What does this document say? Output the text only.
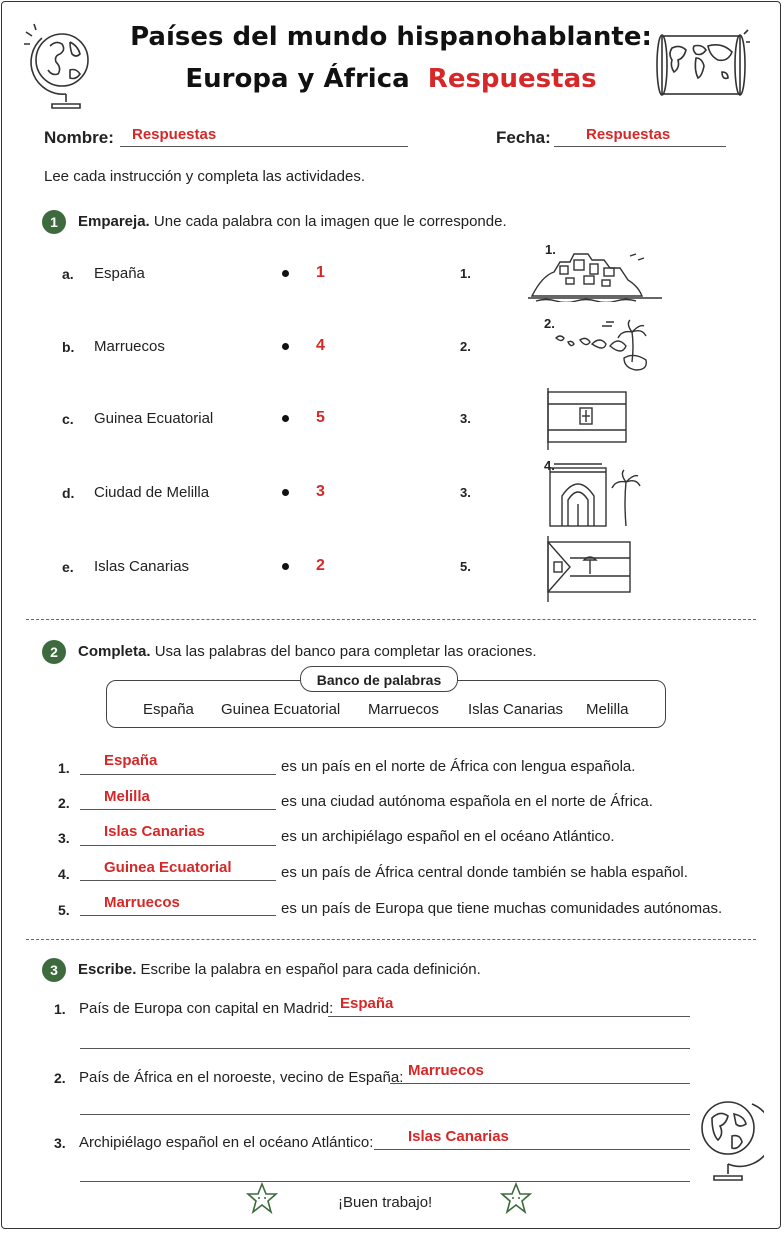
Países del mundo hispanohablante:
Europa y África Respuestas
Nombre: Respuestas	Fecha: Respuestas
Lee cada instrucción y completa las actividades.
1	Empareja. Une cada palabra con la imagen que le corresponde.
a. España	1	1.
b. Marruecos	4	2.
c. Guinea Ecuatorial	5	3.
d. Ciudad de Melilla	3	3.
e. Islas Canarias	2	5.
1.
2.
4.
2	Completa. Usa las palabras del banco para completar las oraciones.
Banco de palabras
España Guinea Ecuatorial Marruecos Islas Canarias Melilla
1. España	es un país en el norte de África con lengua española.
2. Melilla	es una ciudad autónoma española en el norte de África.
3. Islas Canarias	es un archipiélago español en el océano Atlántico.
4. Guinea Ecuatorial	es un país de África central donde también se habla español.
5. Marruecos	es un país de Europa que tiene muchas comunidades autónomas.
3	Escribe. Escribe la palabra en español para cada definición.
1. País de Europa con capital en Madrid: España
2. País de África en el noroeste, vecino de España: Marruecos
3. Archipiélago español en el océano Atlántico: Islas Canarias
¡Buen trabajo!
